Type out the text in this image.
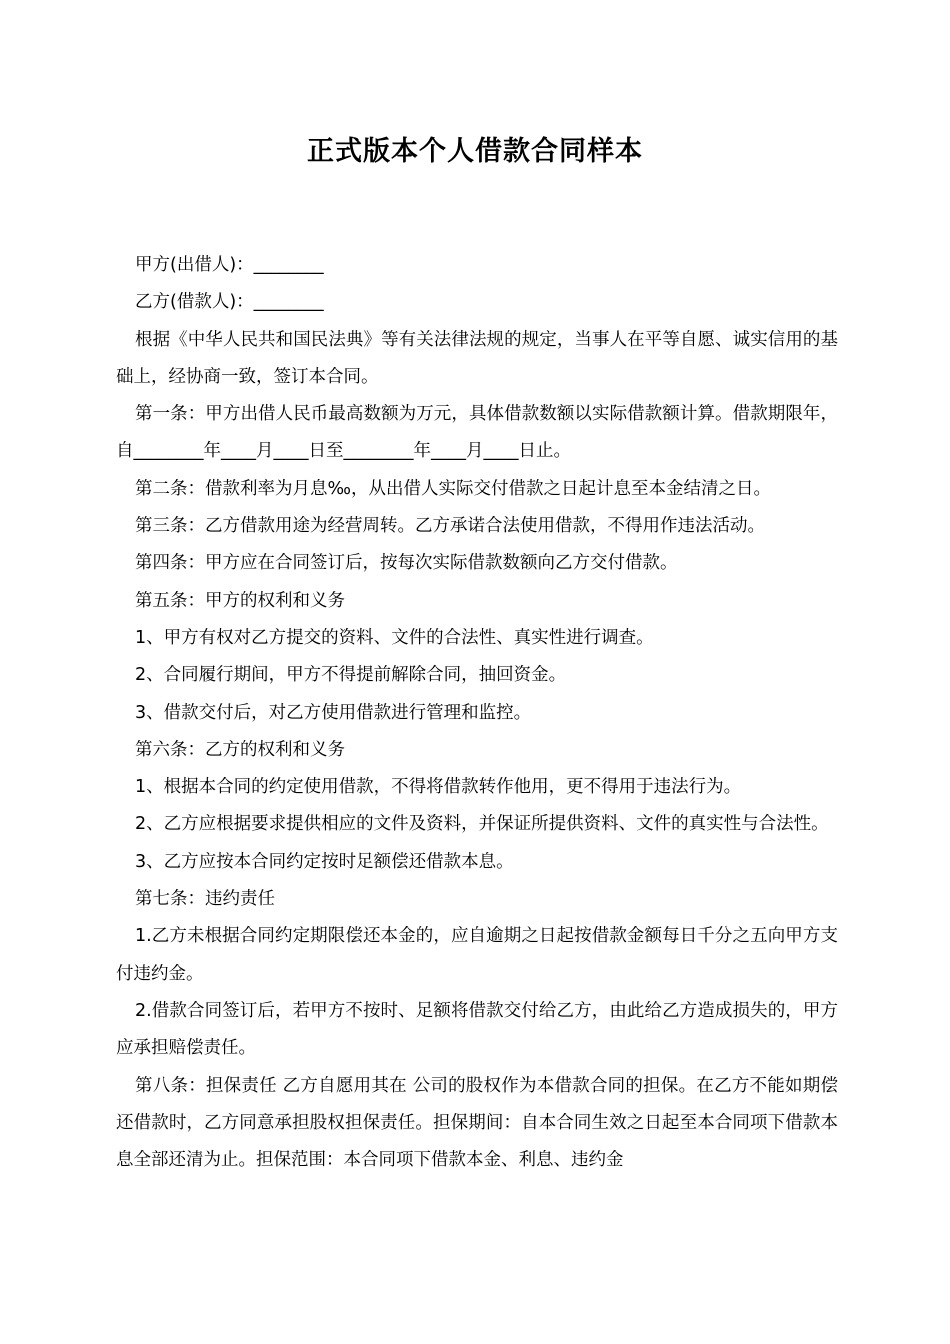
正式版本个人借款合同样本

甲方(出借人)：________

乙方(借款人)：________

根据《中华人民共和国民法典》等有关法律法规的规定，当事人在平等自愿、诚实信用的基础上，经协商一致，签订本合同。

第一条：甲方出借人民币最高数额为万元，具体借款数额以实际借款额计算。借款期限年，自________年____月____日至________年____月____日止。

第二条：借款利率为月息‰，从出借人实际交付借款之日起计息至本金结清之日。

第三条：乙方借款用途为经营周转。乙方承诺合法使用借款，不得用作违法活动。

第四条：甲方应在合同签订后，按每次实际借款数额向乙方交付借款。

第五条：甲方的权利和义务

1、甲方有权对乙方提交的资料、文件的合法性、真实性进行调查。

2、合同履行期间，甲方不得提前解除合同，抽回资金。

3、借款交付后，对乙方使用借款进行管理和监控。

第六条：乙方的权利和义务

1、根据本合同的约定使用借款，不得将借款转作他用，更不得用于违法行为。

2、乙方应根据要求提供相应的文件及资料，并保证所提供资料、文件的真实性与合法性。

3、乙方应按本合同约定按时足额偿还借款本息。

第七条：违约责任

1.乙方未根据合同约定期限偿还本金的，应自逾期之日起按借款金额每日千分之五向甲方支付违约金。

2.借款合同签订后，若甲方不按时、足额将借款交付给乙方，由此给乙方造成损失的，甲方应承担赔偿责任。

第八条：担保责任 乙方自愿用其在 公司的股权作为本借款合同的担保。在乙方不能如期偿还借款时，乙方同意承担股权担保责任。担保期间：自本合同生效之日起至本合同项下借款本息全部还清为止。担保范围：本合同项下借款本金、利息、违约金
